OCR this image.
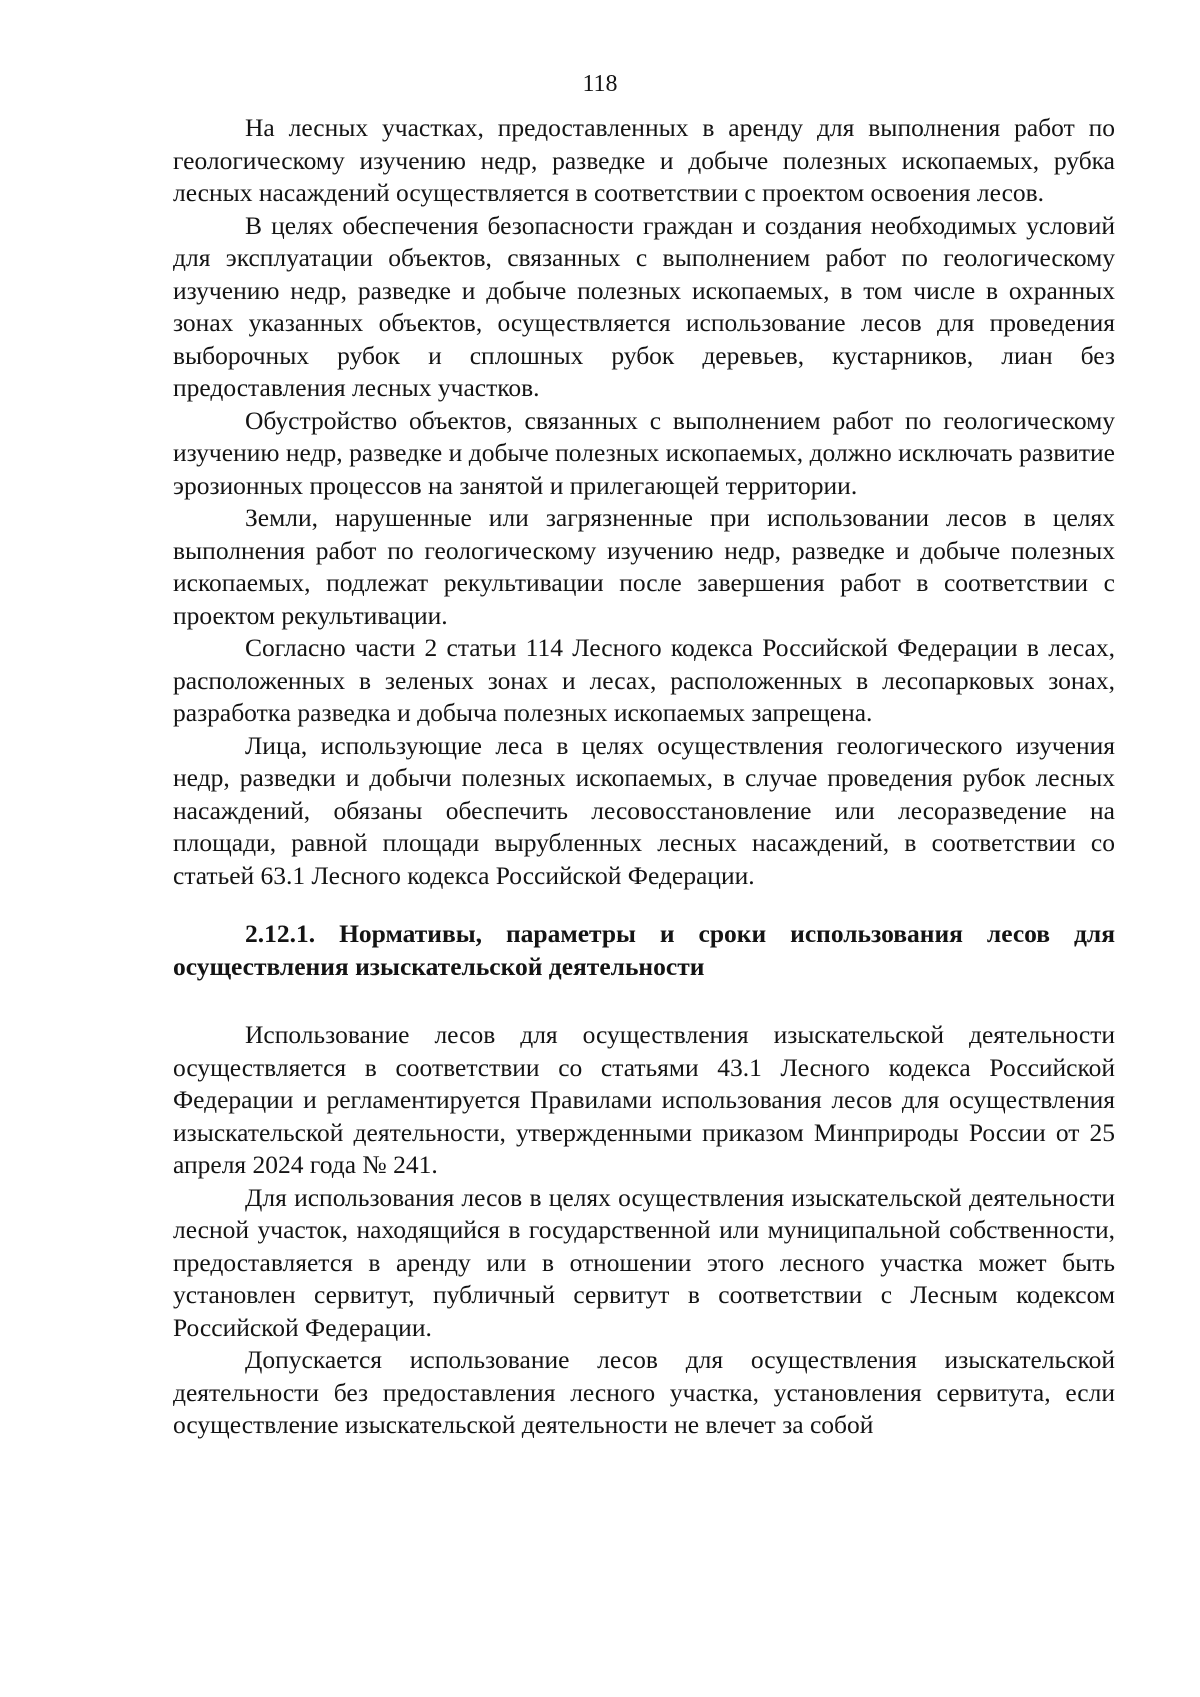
118

На лесных участках, предоставленных в аренду для выполнения работ по геологическому изучению недр, разведке и добыче полезных ископаемых, рубка лесных насаждений осуществляется в соответствии с проектом освоения лесов.

В целях обеспечения безопасности граждан и создания необходимых условий для эксплуатации объектов, связанных с выполнением работ по геологическому изучению недр, разведке и добыче полезных ископаемых, в том числе в охранных зонах указанных объектов, осуществляется использование лесов для проведения выборочных рубок и сплошных рубок деревьев, кустарников, лиан без предоставления лесных участков.

Обустройство объектов, связанных с выполнением работ по геологическому изучению недр, разведке и добыче полезных ископаемых, должно исключать развитие эрозионных процессов на занятой и прилегающей территории.

Земли, нарушенные или загрязненные при использовании лесов в целях выполнения работ по геологическому изучению недр, разведке и добыче полезных ископаемых, подлежат рекультивации после завершения работ в соответствии с проектом рекультивации.

Согласно части 2 статьи 114 Лесного кодекса Российской Федерации в лесах, расположенных в зеленых зонах и лесах, расположенных в лесопарковых зонах, разработка разведка и добыча полезных ископаемых запрещена.

Лица, использующие леса в целях осуществления геологического изучения недр, разведки и добычи полезных ископаемых, в случае проведения рубок лесных насаждений, обязаны обеспечить лесовосстановление или лесоразведение на площади, равной площади вырубленных лесных насаждений, в соответствии со статьей 63.1 Лесного кодекса Российской Федерации.

2.12.1. Нормативы, параметры и сроки использования лесов для осуществления изыскательской деятельности

Использование лесов для осуществления изыскательской деятельности осуществляется в соответствии со статьями 43.1 Лесного кодекса Российской Федерации и регламентируется Правилами использования лесов для осуществления изыскательской деятельности, утвержденными приказом Минприроды России от 25 апреля 2024 года № 241.

Для использования лесов в целях осуществления изыскательской деятельности лесной участок, находящийся в государственной или муниципальной собственности, предоставляется в аренду или в отношении этого лесного участка может быть установлен сервитут, публичный сервитут в соответствии с Лесным кодексом Российской Федерации.

Допускается использование лесов для осуществления изыскательской деятельности без предоставления лесного участка, установления сервитута, если осуществление изыскательской деятельности не влечет за собой
